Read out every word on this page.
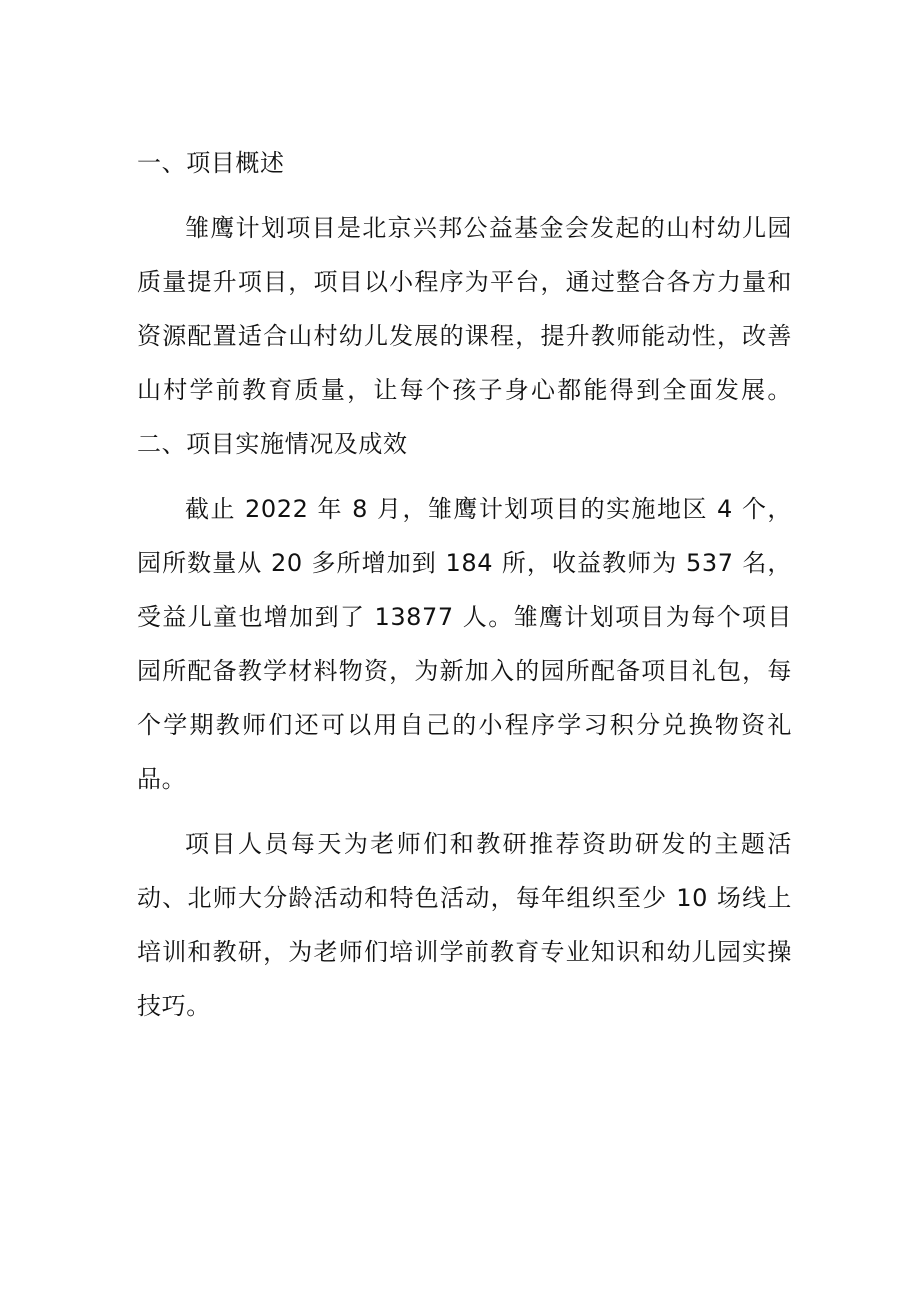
一、项目概述

雏鹰计划项目是北京兴邦公益基金会发起的山村幼儿园质量提升项目，项目以小程序为平台，通过整合各方力量和资源配置适合山村幼儿发展的课程，提升教师能动性，改善山村学前教育质量，让每个孩子身心都能得到全面发展。二、项目实施情况及成效

截止 2022 年 8 月，雏鹰计划项目的实施地区 4 个，园所数量从 20 多所增加到 184 所，收益教师为 537 名，受益儿童也增加到了 13877 人。雏鹰计划项目为每个项目园所配备教学材料物资，为新加入的园所配备项目礼包，每个学期教师们还可以用自己的小程序学习积分兑换物资礼品。

项目人员每天为老师们和教研推荐资助研发的主题活动、北师大分龄活动和特色活动，每年组织至少 10 场线上培训和教研，为老师们培训学前教育专业知识和幼儿园实操技巧。
